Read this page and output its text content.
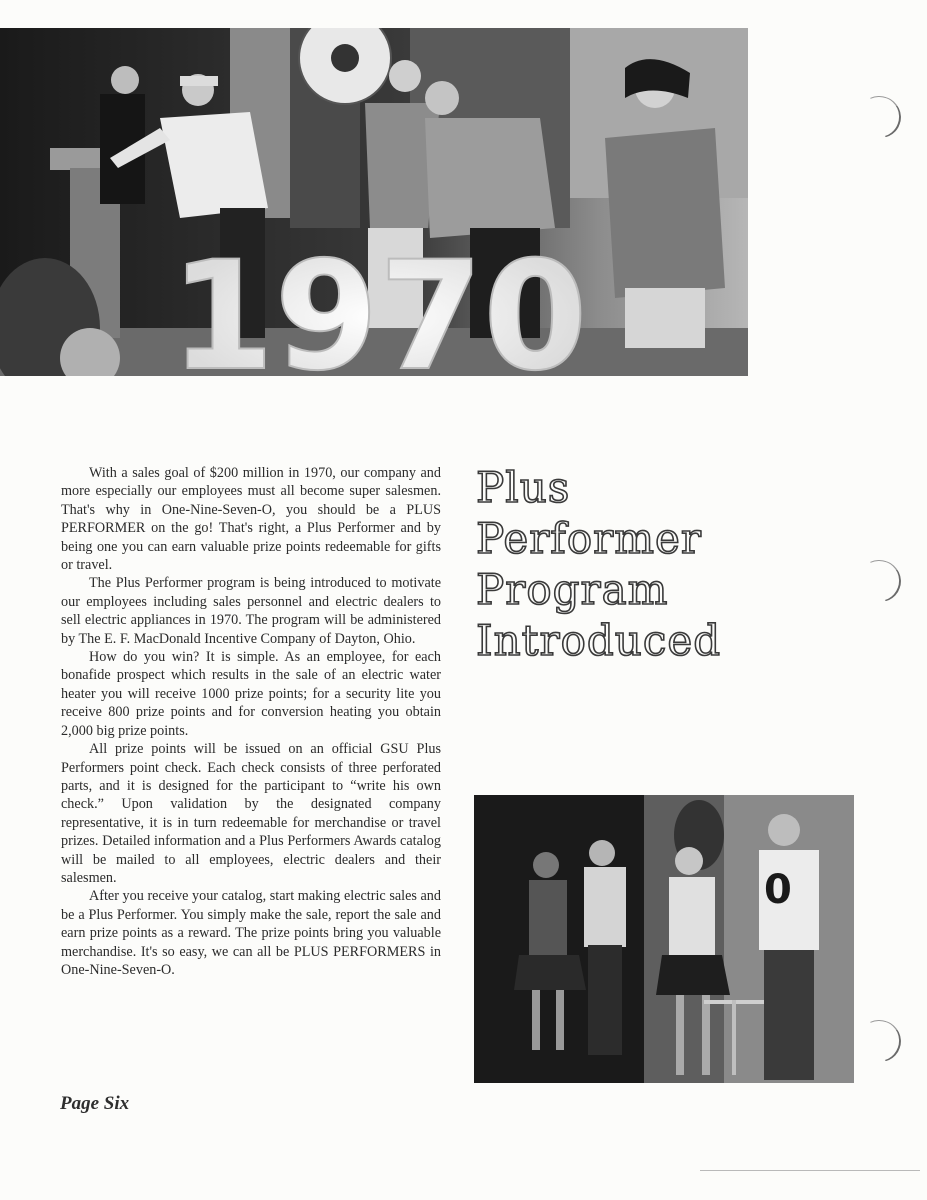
1970

With a sales goal of $200 million in 1970, our company and more especially our employees must all become super salesmen. That's why in One-Nine-Seven-O, you should be a PLUS PERFORMER on the go! That's right, a Plus Performer and by being one you can earn valuable prize points redeemable for gifts or travel.

The Plus Performer program is being introduced to motivate our employees including sales personnel and electric dealers to sell electric appliances in 1970. The program will be administered by The E. F. MacDonald Incentive Company of Dayton, Ohio.

How do you win? It is simple. As an employee, for each bonafide prospect which results in the sale of an electric water heater you will receive 1000 prize points; for a security lite you receive 800 prize points and for conversion heating you obtain 2,000 big prize points.

All prize points will be issued on an official GSU Plus Performers point check. Each check consists of three perforated parts, and it is designed for the participant to “write his own check.” Upon validation by the designated company representative, it is in turn redeemable for merchandise or travel prizes. Detailed information and a Plus Performers Awards catalog will be mailed to all employees, electric dealers and their salesmen.

After you receive your catalog, start making electric sales and be a Plus Performer. You simply make the sale, report the sale and earn prize points as a reward. The prize points bring you valuable merchandise. It's so easy, we can all be PLUS PERFORMERS in One-Nine-Seven-O.

Plus
Performer
Program
Introduced
0
Page Six
